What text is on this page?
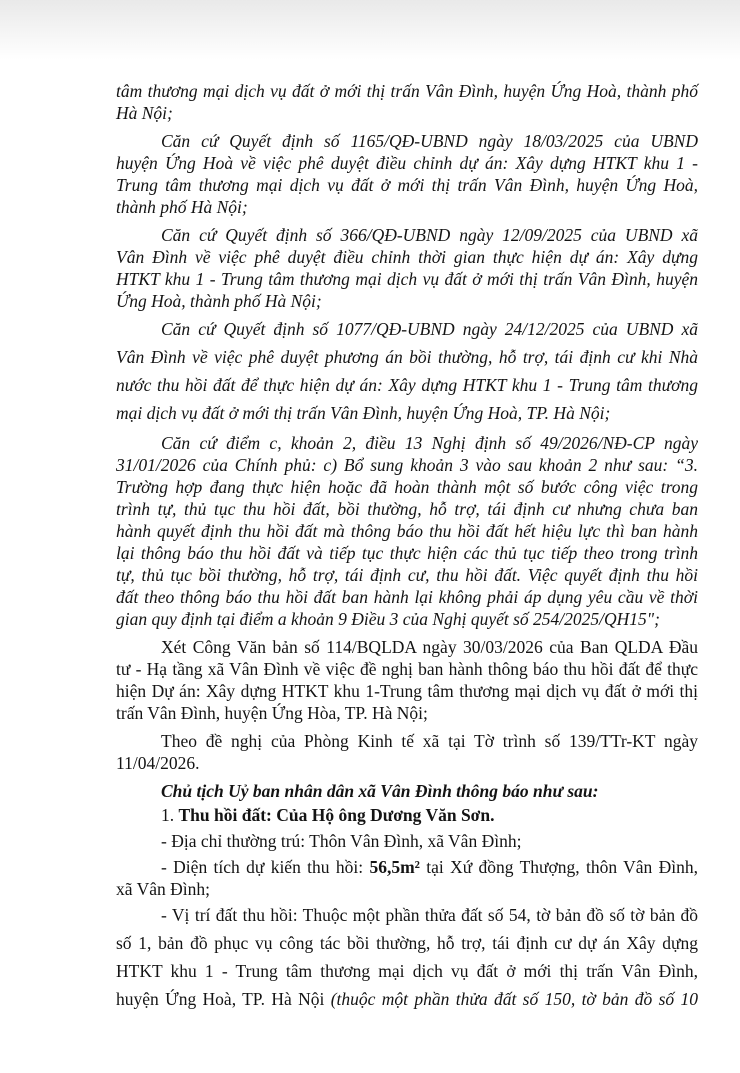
tâm thương mại dịch vụ đất ở mới thị trấn Vân Đình, huyện Ứng Hoà, thành phố

Hà Nội;

Căn cứ Quyết định số 1165/QĐ-UBND ngày 18/03/2025 của UBND

huyện Ứng Hoà về việc phê duyệt điều chỉnh dự án: Xây dựng HTKT khu 1 -

Trung tâm thương mại dịch vụ đất ở mới thị trấn Vân Đình, huyện Ứng Hoà,

thành phố Hà Nội;

Căn cứ Quyết định số 366/QĐ-UBND ngày 12/09/2025 của UBND xã

Vân Đình về việc phê duyệt điều chỉnh thời gian thực hiện dự án: Xây dựng

HTKT khu 1 - Trung tâm thương mại dịch vụ đất ở mới thị trấn Vân Đình, huyện

Ứng Hoà, thành phố Hà Nội;

Căn cứ Quyết định số 1077/QĐ-UBND ngày 24/12/2025 của UBND xã

Vân Đình về việc phê duyệt phương án bồi thường, hỗ trợ, tái định cư khi Nhà

nước thu hồi đất để thực hiện dự án: Xây dựng HTKT khu 1 - Trung tâm thương

mại dịch vụ đất ở mới thị trấn Vân Đình, huyện Ứng Hoà, TP. Hà Nội;

Căn cứ điểm c, khoản 2, điều 13 Nghị định số 49/2026/NĐ-CP ngày

31/01/2026 của Chính phủ: c) Bổ sung khoản 3 vào sau khoản 2 như sau: “3.

Trường hợp đang thực hiện hoặc đã hoàn thành một số bước công việc trong

trình tự, thủ tục thu hồi đất, bồi thường, hỗ trợ, tái định cư nhưng chưa ban

hành quyết định thu hồi đất mà thông báo thu hồi đất hết hiệu lực thì ban hành

lại thông báo thu hồi đất và tiếp tục thực hiện các thủ tục tiếp theo trong trình

tự, thủ tục bồi thường, hỗ trợ, tái định cư, thu hồi đất. Việc quyết định thu hồi

đất theo thông báo thu hồi đất ban hành lại không phải áp dụng yêu cầu về thời

gian quy định tại điểm a khoản 9 Điều 3 của Nghị quyết số 254/2025/QH15";

Xét Công Văn bản số 114/BQLDA ngày 30/03/2026 của Ban QLDA Đầu

tư - Hạ tầng xã Vân Đình về việc đề nghị ban hành thông báo thu hồi đất để thực

hiện Dự án: Xây dựng HTKT khu 1-Trung tâm thương mại dịch vụ đất ở mới thị

trấn Vân Đình, huyện Ứng Hòa, TP. Hà Nội;

Theo đề nghị của Phòng Kinh tế xã tại Tờ trình số 139/TTr-KT ngày

11/04/2026.

Chủ tịch Uỷ ban nhân dân xã Vân Đình thông báo như sau:

1. Thu hồi đất: Của Hộ ông Dương Văn Sơn.

- Địa chỉ thường trú: Thôn Vân Đình, xã Vân Đình;

- Diện tích dự kiến thu hồi: 56,5m² tại Xứ đồng Thượng, thôn Vân Đình,

xã Vân Đình;

- Vị trí đất thu hồi: Thuộc một phần thửa đất số 54, tờ bản đồ số tờ bản đồ

số 1, bản đồ phục vụ công tác bồi thường, hỗ trợ, tái định cư dự án Xây dựng

HTKT khu 1 - Trung tâm thương mại dịch vụ đất ở mới thị trấn Vân Đình,

huyện Ứng Hoà, TP. Hà Nội (thuộc một phần thửa đất số 150, tờ bản đồ số 10
